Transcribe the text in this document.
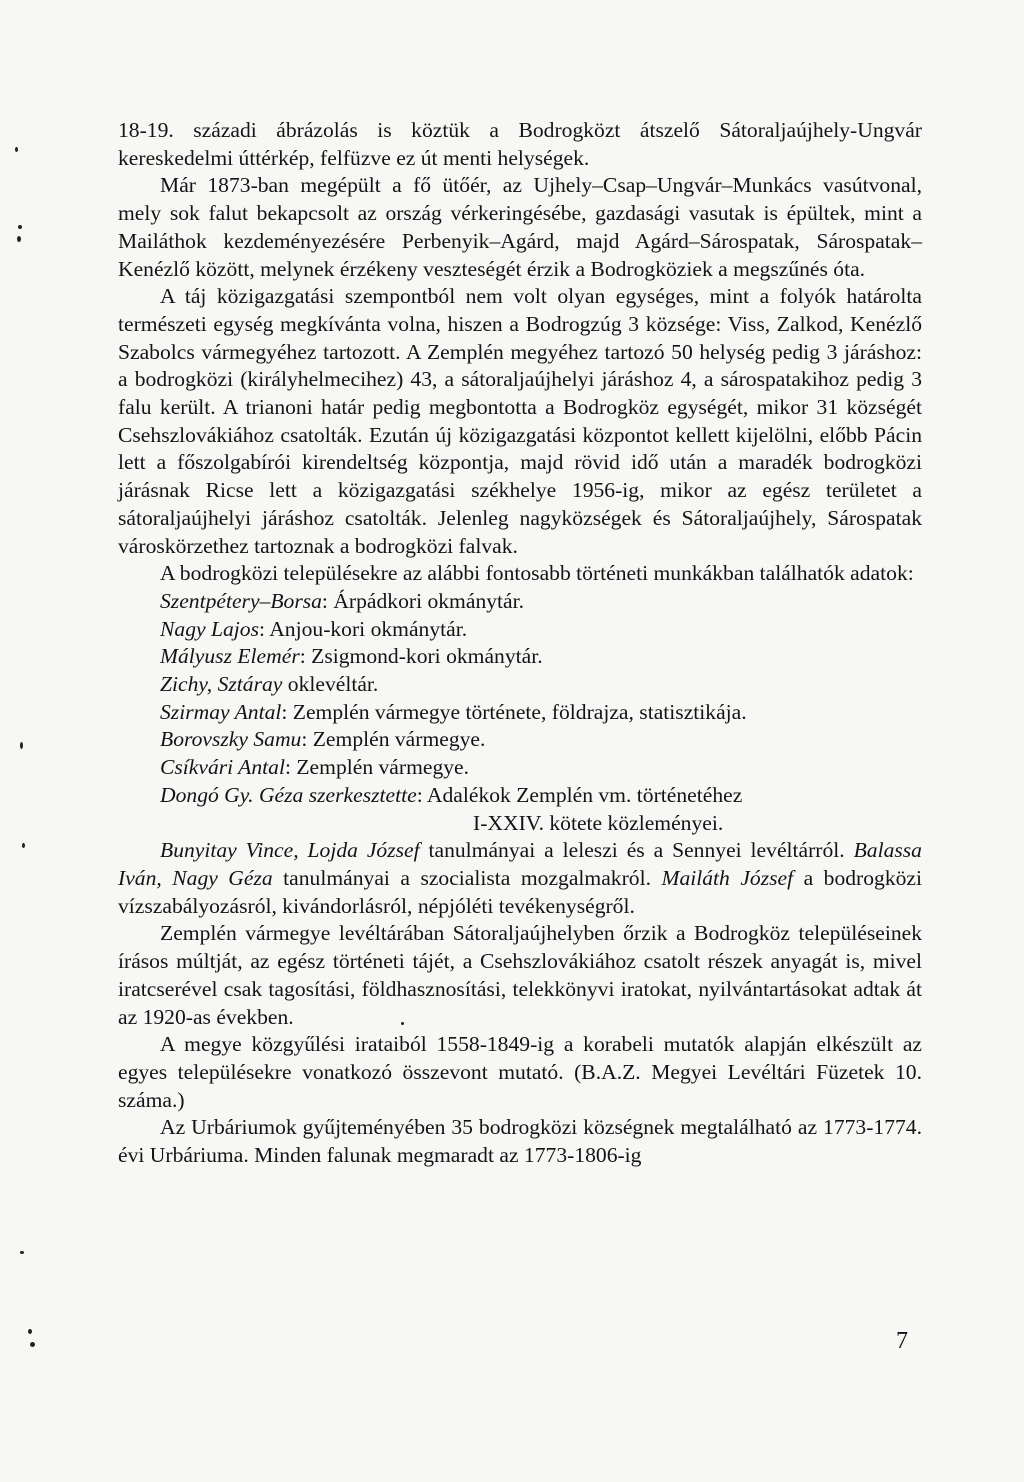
18-19. századi ábrázolás is köztük a Bodrogközt átszelő Sátoraljaújhely-Ungvár kereskedelmi úttérkép, felfüzve ez út menti helységek.

Már 1873-ban megépült a fő ütőér, az Ujhely–Csap–Ungvár–Munkács vasútvonal, mely sok falut bekapcsolt az ország vérkeringésébe, gazdasági vasutak is épültek, mint a Mailáthok kezdeményezésére Perbenyik–Agárd, majd Agárd–Sárospatak, Sárospatak–Kenézlő között, melynek érzékeny veszteségét érzik a Bodrogköziek a megszűnés óta.

A táj közigazgatási szempontból nem volt olyan egységes, mint a folyók határolta természeti egység megkívánta volna, hiszen a Bodrogzúg 3 községe: Viss, Zalkod, Kenézlő Szabolcs vármegyéhez tartozott. A Zemplén megyéhez tartozó 50 helység pedig 3 járáshoz: a bodrogközi (királyhelmecihez) 43, a sátoraljaújhelyi járáshoz 4, a sárospatakihoz pedig 3 falu került. A trianoni határ pedig megbontotta a Bodrogköz egységét, mikor 31 községét Csehszlovákiához csatolták. Ezután új közigazgatási központot kellett kijelölni, előbb Pácin lett a főszolgabírói kirendeltség központja, majd rövid idő után a maradék bodrogközi járásnak Ricse lett a közigazgatási székhelye 1956-ig, mikor az egész területet a sátoraljaújhelyi járáshoz csatolták. Jelenleg nagyközségek és Sátoraljaújhely, Sárospatak városkörzethez tartoznak a bodrogközi falvak.

A bodrogközi településekre az alábbi fontosabb történeti munkákban találhatók adatok:

Szentpétery–Borsa: Árpádkori okmánytár.

Nagy Lajos: Anjou-kori okmánytár.

Mályusz Elemér: Zsigmond-kori okmánytár.

Zichy, Sztáray oklevéltár.

Szirmay Antal: Zemplén vármegye története, földrajza, statisztikája.

Borovszky Samu: Zemplén vármegye.

Csíkvári Antal: Zemplén vármegye.

Dongó Gy. Géza szerkesztette: Adalékok Zemplén vm. történetéhez

I-XXIV. kötete közleményei.

Bunyitay Vince, Lojda József tanulmányai a leleszi és a Sennyei levéltárról. Balassa Iván, Nagy Géza tanulmányai a szocialista mozgalmakról. Mailáth József a bodrogközi vízszabályozásról, kivándorlásról, népjóléti tevékenységről.

Zemplén vármegye levéltárában Sátoraljaújhelyben őrzik a Bodrogköz településeinek írásos múltját, az egész történeti tájét, a Csehszlovákiához csatolt részek anyagát is, mivel iratcserével csak tagosítási, földhasznosítási, telekkönyvi iratokat, nyilvántartásokat adtak át az 1920-as években.

A megye közgyűlési irataiból 1558-1849-ig a korabeli mutatók alapján elkészült az egyes településekre vonatkozó összevont mutató. (B.A.Z. Megyei Levéltári Füzetek 10. száma.)

Az Urbáriumok gyűjteményében 35 bodrogközi községnek megtalálható az 1773-1774. évi Urbáriuma. Minden falunak megmaradt az 1773-1806-ig

7
